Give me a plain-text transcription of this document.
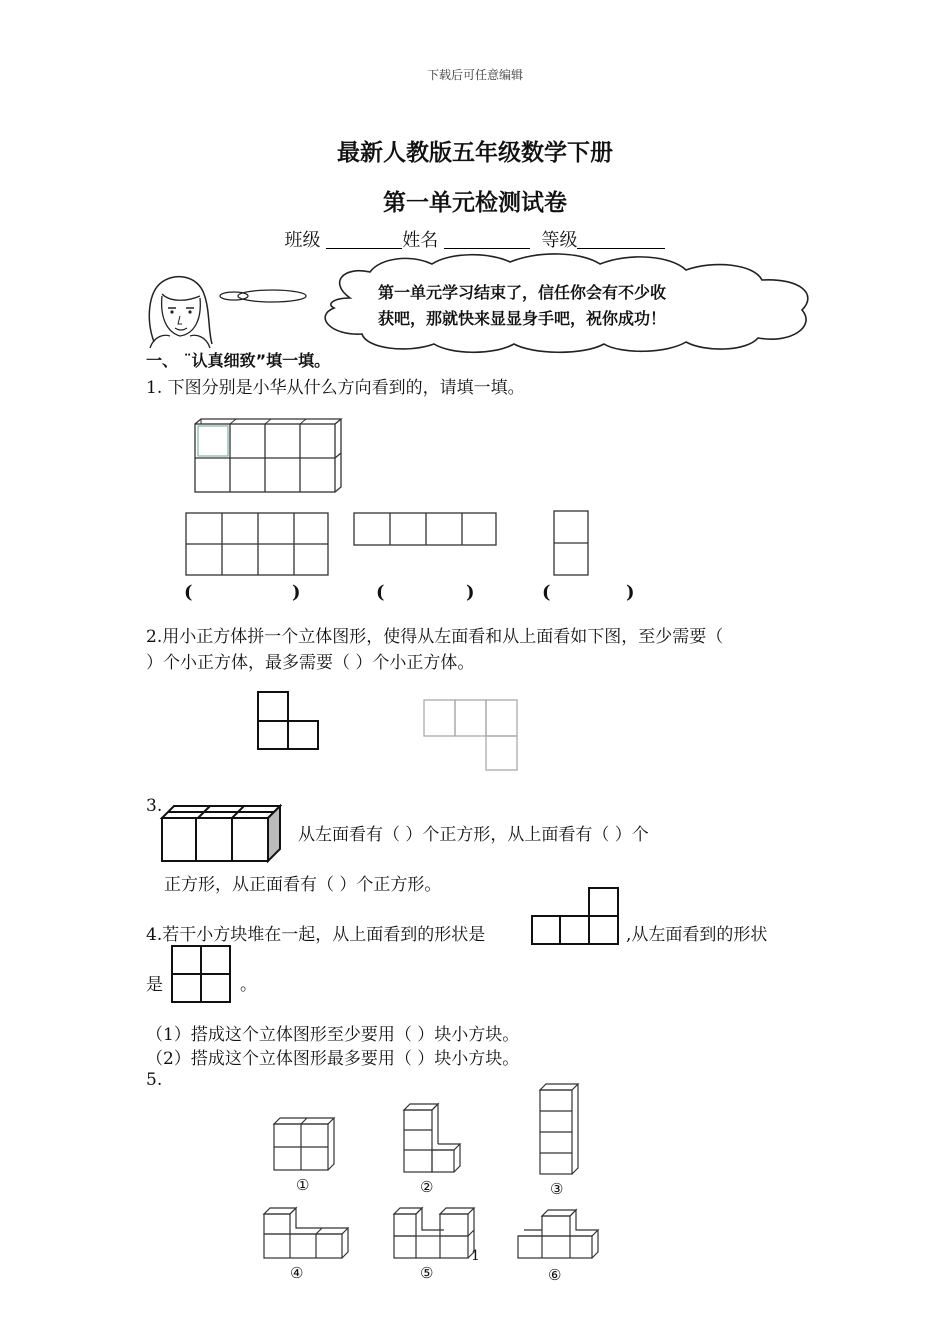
下载后可任意编辑
最新人教版五年级数学下册
第一单元检测试卷
班级	姓名	等级
第一单元学习结束了，信任你会有不少收
获吧，那就快来显显身手吧，祝你成功！
一、 ¨认真细致”填一填。
1. 下图分别是小华从什么方向看到的，请填一填。
(	)	(	)	(	)
2.用小正方体拼一个立体图形，使得从左面看和从上面看如下图，至少需要（
）个小正方体，最多需要（ ）个小正方体。
3.
从左面看有（ ）个正方形，从上面看有（ ）个
正方形，从正面看有（ ）个正方形。
4.若干小方块堆在一起，从上面看到的形状是	,从左面看到的形状
是	。
（1）搭成这个立体图形至少要用（ ）块小方块。
（2）搭成这个立体图形最多要用（ ）块小方块。
5.
①	②	③
④	⑤	⑥
1
